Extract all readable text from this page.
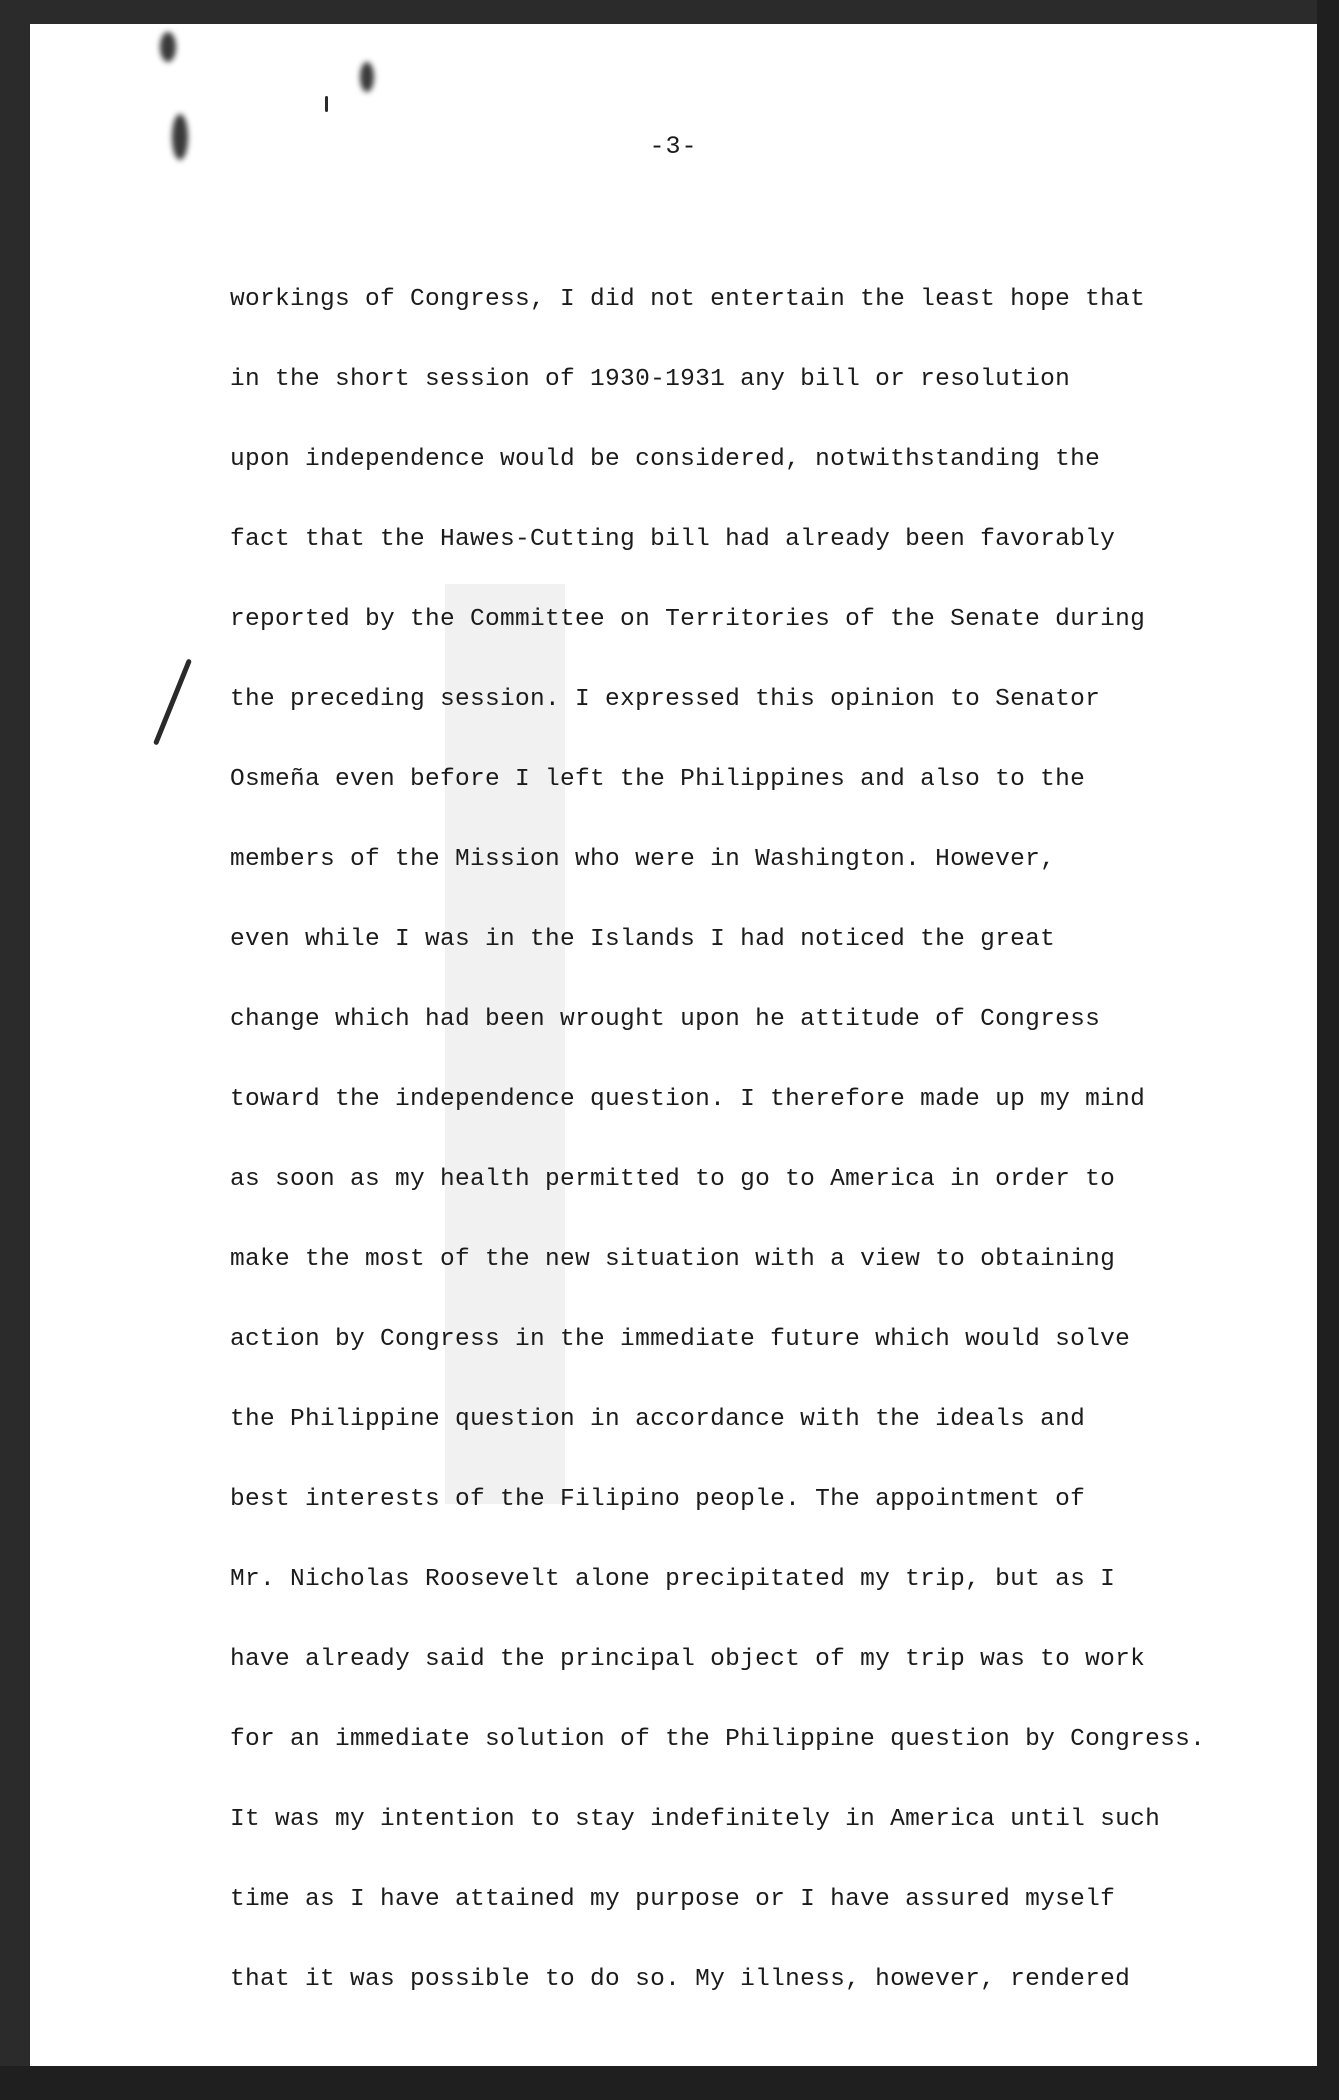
-3-
workings of Congress, I did not entertain the least hope that
in the short session of 1930-1931 any bill or resolution
upon independence would be considered, notwithstanding the
fact that the Hawes-Cutting bill had already been favorably
reported by the Committee on Territories of the Senate during
the preceding session. I expressed this opinion to Senator
Osmeña even before I left the Philippines and also to the
members of the Mission who were in Washington. However,
even while I was in the Islands I had noticed the great
change which had been wrought upon he attitude of Congress
toward the independence question. I therefore made up my mind
as soon as my health permitted to go to America in order to
make the most of the new situation with a view to obtaining
action by Congress in the immediate future which would solve
the Philippine question in accordance with the ideals and
best interests of the Filipino people. The appointment of
Mr. Nicholas Roosevelt alone precipitated my trip, but as I
have already said the principal object of my trip was to work
for an immediate solution of the Philippine question by Congress.
It was my intention to stay indefinitely in America until such
time as I have attained my purpose or I have assured myself
that it was possible to do so. My illness, however, rendered
